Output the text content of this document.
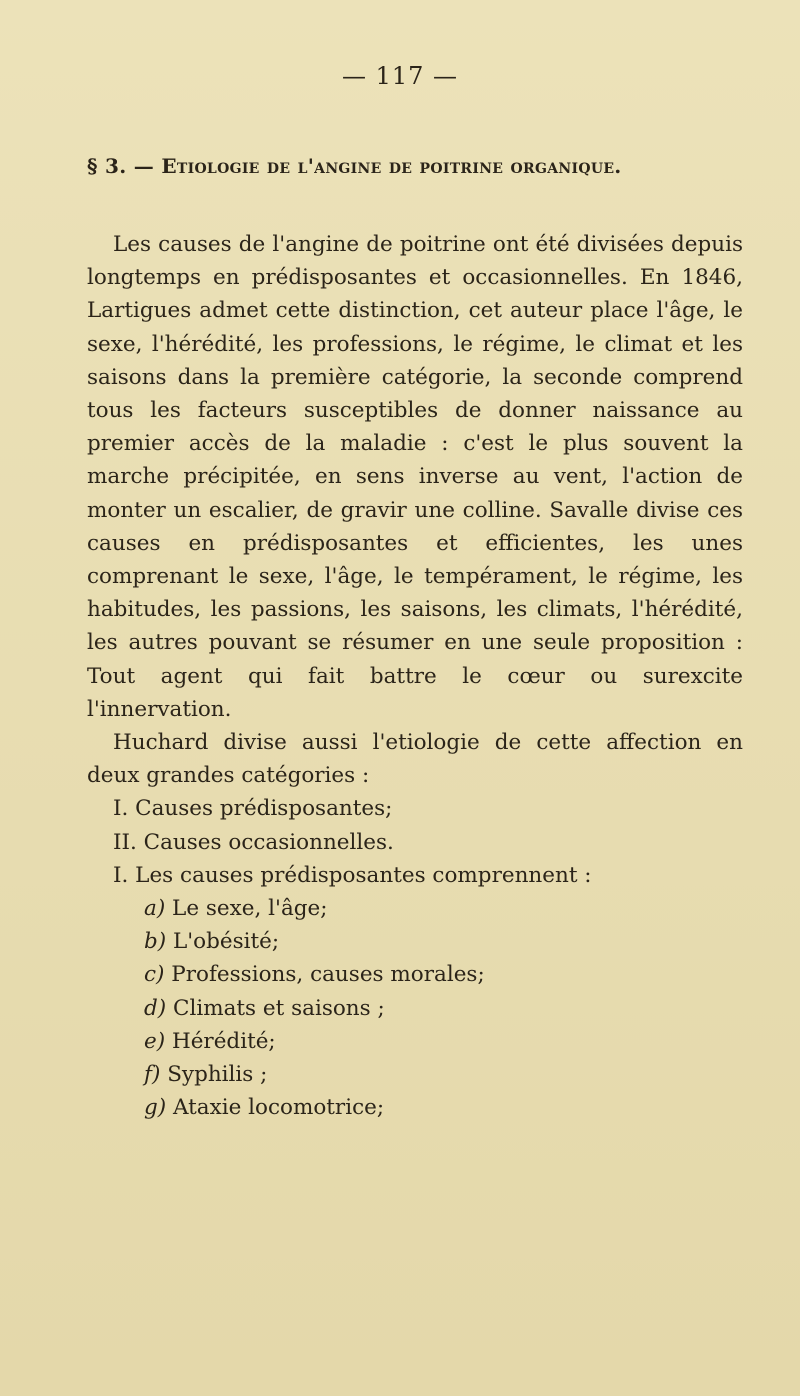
— 117 —
§ 3. — Etiologie de l'angine de poitrine organique.

Les causes de l'angine de poitrine ont été divisées depuis longtemps en prédisposantes et occasionnelles. En 1846, Lartigues admet cette distinction, cet auteur place l'âge, le sexe, l'hérédité, les professions, le régime, le climat et les saisons dans la première catégorie, la seconde comprend tous les facteurs susceptibles de donner naissance au premier accès de la maladie : c'est le plus souvent la marche précipitée, en sens inverse au vent, l'action de monter un escalier, de gravir une colline. Savalle divise ces causes en prédisposantes et efficientes, les unes comprenant le sexe, l'âge, le tempérament, le régime, les habitudes, les passions, les saisons, les climats, l'hérédité, les autres pouvant se résumer en une seule proposition : Tout agent qui fait battre le cœur ou surexcite l'innervation.

Huchard divise aussi l'etiologie de cette affection en deux grandes catégories :

I. Causes prédisposantes;

II. Causes occasionnelles.

I. Les causes prédisposantes comprennent :

a) Le sexe, l'âge;

b) L'obésité;

c) Professions, causes morales;

d) Climats et saisons ;

e) Hérédité;

f) Syphilis ;

g) Ataxie locomotrice;
